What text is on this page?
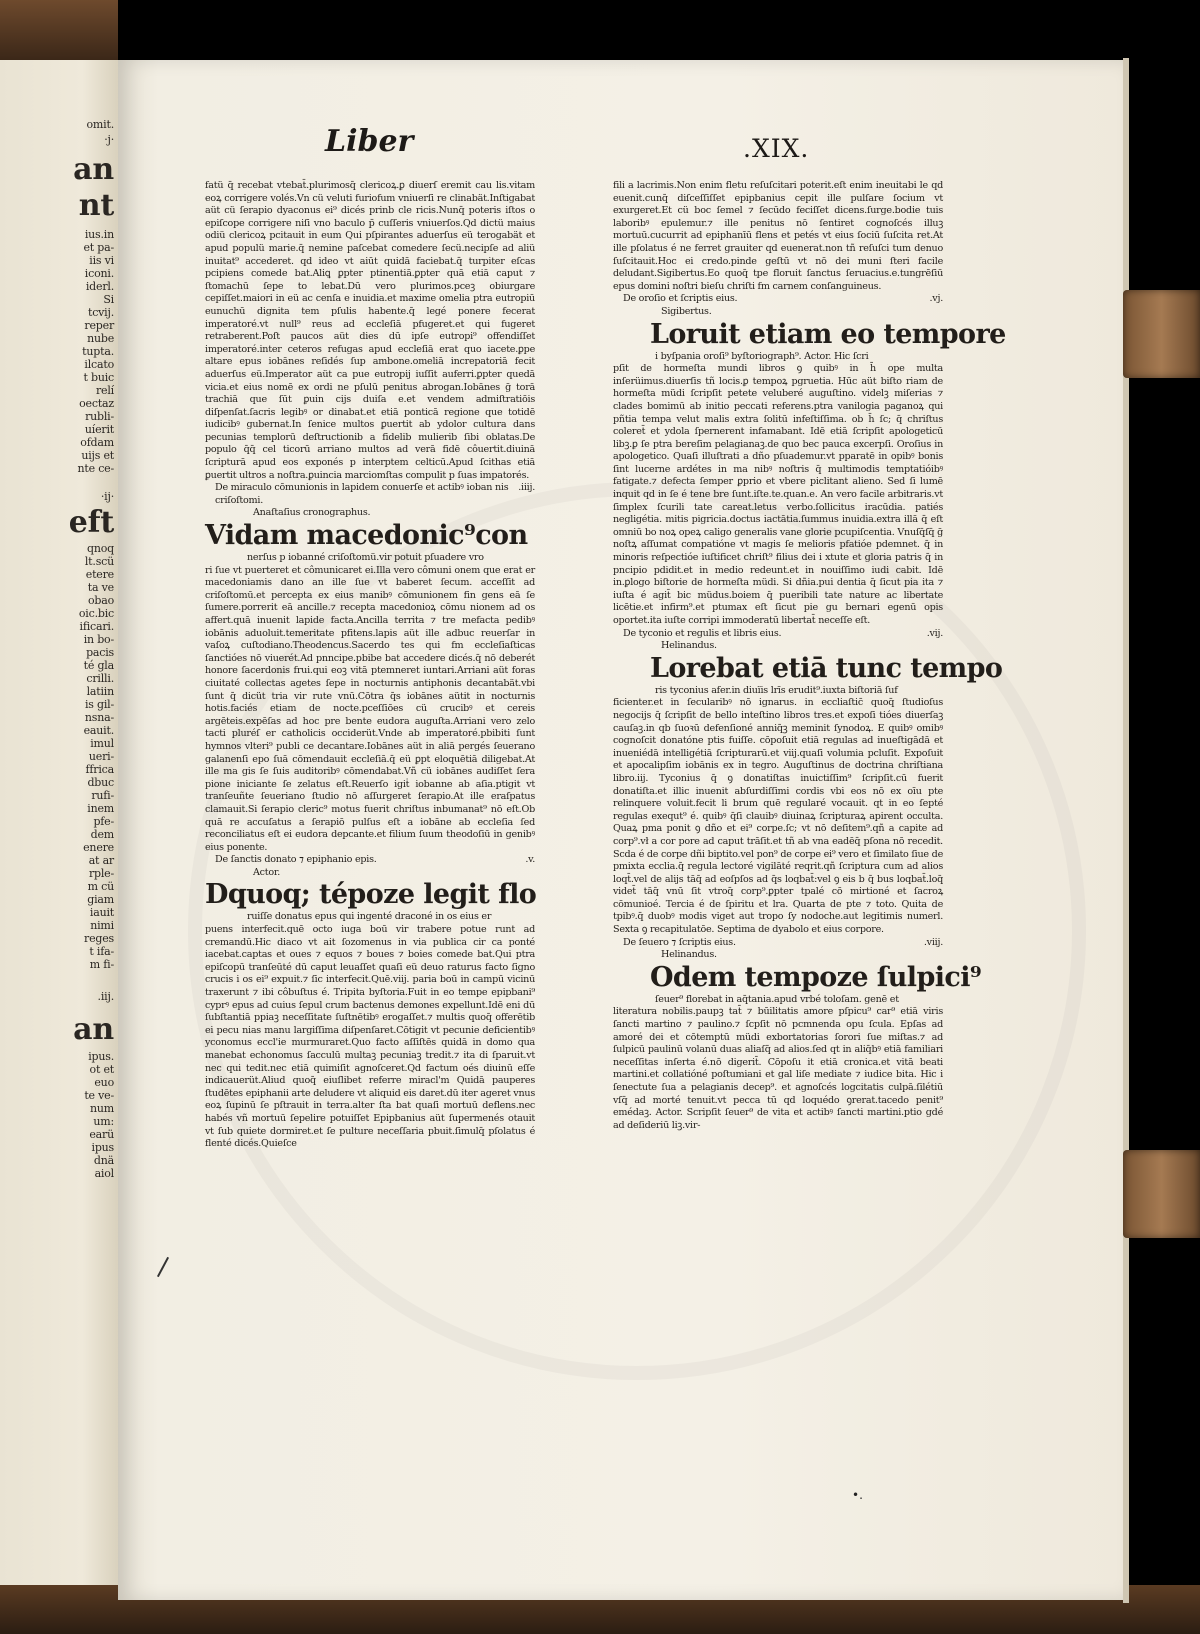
omit.
·j·
an
nt
ius.in
et pa-
iis vi
iconi.
iderl.
Si
tcvij.
reper
nube
tupta.
ilcato
t buic
relí
oectaz
rubli-
uíerit
ofdam
uijs et
nte ce-
·ij·
eft
qnoq
lt.scü
etere
ta ve
obao
oic.bic
ificari.
in bo-
pacis
té gla
crilli.
latiin
is gil-
nsna-
eauit.
imul
ueri-
ffrica
dbuc
rufi-
inem
pfe-
dem
enere
at ar
rple-
m cü
giam
iauit
nimi
reges
t ifa-
m fi-
.iij.
an
ipus.
ot et
euo
te ve-
num
um:
earü
ipus
dnä
aiol
Liber	.XIX.

fatü q̄ recebat vtebat̄.plurimosq̄ clericoꝝ.ꝑ diuerſ eremit cau lis.vitam eoꝝ corrigere volés.Vn cü veluti furiofum vniuerſi re clinabät.Inſtigabat aüt cü ſerapio dyaconus ei⁹ dicés prinb cle ricis.Nunq̄ poteris iſtos o epiſcope corrigere niſi vno baculo p̄ cuſſeris vniuerſos.Qd dictü maius odiü clericoꝝ pcitauit in eum Qui pſpirantes aduerſus eü terogabät et apud populü marie.q̄ nemine paſcebat comedere ſecü.necipſe ad aliü inuitat⁹ accederet. qd ideo vt aiūt quidā faciebat.q̄ turpiter eſcas pcipiens comede bat.Aliꝗ ꝑpter ptinentiā.ꝑpter quā etiā caput ⁊ ſtomachū ſepe to lebat.Dū vero plurimos.pceꝫ obiurgare cepiſſet.maiori in eü ac cenſa e inuidia.et maxime omelia ptra eutropiū eunuchū dignita tem pſulis habente.q̄ legé ponere fecerat imperatoré.vt null⁹ reus ad eccleſiā pfugeret.et qui fugeret retraberent.Poſt paucos aüt dies dū ipſe eutropi⁹ offendiſſet imperatoré.inter ceteros refugas apud eccleſiā erat quo iacete.ꝑpe altare epus iobānes reſidés ſup ambone.omeliā increpatoriā fecit aduerſus eü.Imperator aüt ca pue eutropij iuſſit auferri.ꝑpter quedā vicia.et eius nomē ex ordi ne pſulū penitus abrogan.Iobānes ḡ torā trachiā que ſūt ꝑuin cijs duiſa e.et vendem admiſtratiōis diſpenſat.ſacris legibꝰ or dinabat.et etiā ponticā regione que totidē iudicibꝰ gubernat.In ſenice multos ꝑuertit ab ydolor cultura dans pecunias templorū deſtructionib a fidelib mulierib ſibi oblatas.De populo q̄q̄ cel ticorū arriano multos ad verā fidē côuertit.diuinā ſcripturā apud eos exponés p interptem celticū.Apud ſcithas etiā ꝑuertit ultros a noſtra.ꝑuincia marciomſtas compulit p ſuas impatorés.

De miraculo cōmunionis in lapidem conuerſe et actibꝰ ioban nis criſoſtomi.
.iiij.

Anaſtaſius cronographus.

Vidam macedonic⁹con

nerſus p iobanné criſoſtomü.vir potuit pſuadere vro

ri ſue vt puerteret et cômunicaret ei.Illa vero cômuni onem que erat er macedoniamis dano an ille ſue vt baberet ſecum. acceſſit ad criſoſtomū.et percepta ex eius manibꝰ cōmunionem fin gens eā ſe ſumere.porrerit eā ancille.⁊ recepta macedonioꝝ cōmu nionem ad os affert.quā inuenit lapide facta.Ancilla territa ⁊ tre mefacta pedibꝰ iobānis aduoluit.temeritate pfitens.lapis aüt ille adbuc reuerſar in vaſoꝝ cuſtodiano.Theodencus.Sacerdo tes qui fm eccleſiaſticas ſanctióes nō viuerét.Ad pnncipe.pbibe bat accedere dicés.q̄ nō deberét honore ſacerdonis frui.qui eoꝫ vitā ptemneret iuntari.Arriani aüt foras ciuitaté collectas agetes ſepe in nocturnis antiphonis decantabät.vbi ſunt q̄ dicüt tria vir rute vnū.Cōtra q̄s iobānes aütit in nocturnis hotis.faciés etiam de nocte.pceſſiōes cü crucibꝰ et cereis argēteis.expēſas ad hoc pre bente eudora auguſta.Arriani vero zelo tacti pluréſ er catholicis occiderüt.Vnde ab imperatoré.pbibiti ſunt hymnos vlteri⁹ publi ce decantare.Iobānes aüt in aliā pergés ſeuerano galanenſi epo ſuā cōmendauit eccleſiā.q̄ eü ꝑpt eloquētiā diligebat.At ille ma gis ſe ſuis auditoribꝰ cōmendabat.Vñ cü iobānes audiſſet ſera pione iniciante ſe zelatus eſt.Reuerſo igiṫ iobanne ab aſia.ptigit vt tranſeuñte ſeueriano ſtudio nō aſſurgeret ſerapio.At ille eraſpatus clamauit.Si ſerapio cleric⁹ motus fuerit chriſtus inbumanat⁹ nō eſt.Ob quā re accuſatus a ſerapiō pulſus eſt a iobāne ab eccleſia ſed reconciliatus eſt ei eudora depcante.et filium ſuum theodoſiū in genibꝰ eius ponente.

De ſanctis donato ⁊ epiphanio epis.	.v.

Actor.

Dquoq; tépoze legit flo

ruiſſe donatus epus qui ingenté draconé in os eius er

puens interfecit.quē octo iuga boū vir trabere potue runt ad cremandū.Hic diaco vt ait ſozomenus in via publica cir ca ponté iacebat.captas et oues ⁊ equos ⁊ boues ⁊ boies comede bat.Qui ptra epiſcopū tranſeūté dū caput leuaſſet quaſi eü deuo raturus facto ſigno crucis i os ei⁹ expuit.⁊ ſic interfecit.Quē.viij. paria boū in campū vicinū traxerunt ⁊ ibi côbuſtus é. Tripita byſtoria.Fuit in eo tempe epipbani⁹ cyprꝰ epus ad cuius ſepul crum bactenus demones expellunt.Idē eni dū ſubſtantiā ppiaꝫ neceſſitate ſuſtnētibꝰ erogaſſet.⁊ multis quoq̄ offerētib ei pecu nias manu largiſſima diſpenſaret.Cōtigit vt pecunie deficientibꝰ yconomus eccl'ie murmuraret.Quo facto aſſiſtēs quidā in domo qua manebat echonomus ſacculū multaꝫ pecuniaꝫ tredit.⁊ ita di ſparuit.vt nec qui tedit.nec etiā quimiſit agnoſceret.Qd factum oés diuinū eſſe indicauerüt.Aliud quoq̄ eiuſlibet referre miracl'm Quidā pauperes ſtudētes epiphanii arte deludere vt aliquid eis daret.dū iter ageret vnus eoꝝ ſupinū ſe pſtrauit in terra.alter ſta bat quaſi mortuū deflens.nec habés vñ mortuū ſepelire potuiſſet Epipbanius aüt ſupermenés otauit vt ſub quiete dormiret.et ſe pulture neceſſaria pbuit.ſimulq̄ pſolatus é flenté dicés.Quieſce

fili a lacrimis.Non enim fletu reſuſcitari poterit.eſt enim ineuitabi le qd euenit.cunq̄ diſceſſiſſet epipbanius cepit ille pulſare ſocium vt exurgeret.Et cü boc ſemel ⁊ ſecūdo feciſſet dicens.ſurge.bodie tuis laboribꝰ epulemur.⁊ ille penitus nō ſentiret cognoſcés illuꝫ mortuū.cucurrit ad epiphanīū flens et petés vt eius ſociū ſuſcita ret.At ille pſolatus é ne ferret grauiter qd euenerat.non tñ reſuſci tum denuo ſuſcitauit.Hoc ei credo.pinde geſtū vt nō dei muni ſteri facile deludant.Sigibertus.Eo quoq̄ tpe floruit ſanctus ſeruacius.e.tungrēſiū epus domini noſtri bieſu chriſti fm carnem conſanguineus.

De oroſio et ſcriptis eius.	.vj.

Sigibertus.

Loruit etiam eo tempore

i byſpania oroſi⁹ byſtoriograph⁹. Actor. Hic ſcri

pſit de hormeſta mundi libros ꝯ quibꝰ in h̄ ope multa inſerüimus.diuerſis tñ locis.ꝑ tempoꝝ pgruetia. Hūc aüt biſto riam de hormeſta müdi ſcripſit petete veluberé auguſtino. videlꝫ miſerias ⁊ clades bomimū ab initio peccati referens.ptra vanilogia paganoꝝ qui pñtia tempa velut malis extra ſolitū infeſtiſſima. ob h̄ ſc; q̄ chriſtus coleret̄ et ydola ſpernerent infamabant. Idē etiā ſcripſit apologeticū libꝫ.ꝑ ſe ptra bereſim pelagianaꝫ.de quo bec pauca excerpſi. Oroſius in apologetico. Quaſi illuſtrati a dño pſuademur.vt pparatē in opibꝰ bonis ſint lucerne ardétes in ma nibꝰ noſtris q̄ multimodis temptatióibꝰ fatigate.⁊ defecta ſemper ꝑprio et vbere piclitant alieno. Sed ſi lumē inquit qd in ſe é tene bre ſunt.iſte.te.quan.e. An vero facile arbitraris.vt ſimplex ſcurili tate careat.letus verbo.ſollicitus iracūdia. patiés negligétia. mitis pigricia.doctus iactātia.ſummus inuidia.extra illā q̄ eſt omniū bo noꝝ opeꝝ caligo generalis vane glorie pcupiſcentia. Vnuſq̄ſq̄ ḡ noſtꝝ aſſumat compatióne vt magis ſe melioris pfatióe pdemnet. q̄ in minoris reſpectióe iuſtificet chriſt⁹ filius dei i xtute et gloria patris q̄ in pncipio pdidit.et in medio redeunt.et in nouiſſimo iudi cabit. Idē in.ꝑlogo biſtorie de hormeſta müdi. Si dñia.pui dentia q̄ ſicut pia ita ⁊ iuſta é agit̄ bic müdus.boiem q̄ pueribili tate nature ac libertate licētie.et infirm⁹.et ptumax eſt ſicut pie gu bernari egenū opis oportet.ita iuſte corripi immoderatū libertat̄ neceſſe eſt.

De tyconio et regulis et libris eius.	.vij.

Helinandus.

Lorebat etiā tunc tempo

ris tyconius afer.in diuïis lrīs erudit⁹.iuxta biſtoriā ſuf

ficienter.et in ſecularibꝰ nō ignarus. in eccliaſtic̄ quoq̄ ſtudioſus negocijs q̄ ſcripſit de bello inteſtino libros tres.et expoſi tióes diuerſaꝫ cauſaꝫ.in qb ſuoꝛū defenſioné anniq̄ꝫ meminit ſynodoꝝ. E quibꝰ omibꝰ cognoſcit donatóne ptis fuiſſe. cōpoſuit etiā regulas ad inueſtigādā et inueniédā intelligétiā ſcripturarū.et viij.quaſi volumia pcluſit. Expoſuit et apocalipſim iobānis ex in tegro. Auguſtinus de doctrina chriſtiana libro.iij. Tyconius q̄ ꝯ donatiſtas inuictiſſim⁹ ſcripſit.cū fuerit donatiſta.et illic inuenit abſurdiſſimi cordis vbi eos nō ex oīu pte relinquere voluit.fecit li brum quē regularé vocauit. qt in eo ſepté regulas exequt⁹ é. quibꝰ q̄ſi clauibꝰ diuinaꝝ ſcripturaꝝ apirent occulta. Quaꝝ pma ponit ꝯ dño et ei⁹ corpe.ſc; vt nō deſitem⁹.qñ a capite ad corp⁹.vł a cor pore ad caput trāſit.et tñ ab vna eadēq̄ pſona nō recedit. Scda é de corpe dñi biptito.vel pon⁹ de corpe ei⁹ vero et ſimilato ſiue de pmixta ecclia.q̄ regula lectoré vigilāté reqrit.qñ ſcriptura cum ad alios loqt̄.vel de alijs tāq̄ ad eoſpſos ad q̄s loqbat̄:vel ꝯ eis b q̄ bus loqbat̄.loq̄ videt̄ tāq̄ vnū ſit vtroq̄ corp⁹.ꝑpter tpalé cō mirtioné et ſacroꝝ cōmunioé. Tercia é de ſpiritu et lra. Quarta de pte ⁊ toto. Quita de tpibꝰ.q̄ duobꝰ modis viget aut tropo ſy nodoche.aut legitimis numerl. Sexta ꝯ recapitulatōe. Septima de dyabolo et eius corpore.

De ſeuero ⁊ ſcriptis eius.	.viij.

Helinandus.

Odem tempoze ſulpici⁹

ſeuer⁹ florebat in aq̄tania.apud vrbé toloſam. genē et

literatura nobilis.paupꝫ tat̄ ⁊ būilitatis amore pſpicu⁹ car⁹ etiā viris ſancti martino ⁊ paulino.⁊ ſcpſit nō pcmnenda opu ſcula. Epſas ad amoré dei et cōtemptū müdi exbortatorias ſorori ſue miſtas.⁊ ad ſulpicū paulinū volanū duas aliaſq̄ ad alios.ſed qt in aliq̄bꝰ etiā familiari neceſſitas inſerta é.nō digerit̄. Cōpoſu it etiā cronica.et vitā beati martini.et collatióné poſtumiani et gal liſe mediate ⁊ iudice bita. Hic i ſenectute ſua a pelagianis decep⁹. et agnoſcés logcitatis culpā.ſilétiū vſq̄ ad morté tenuit.vt pecca tū qd loquédo ꝯrerat.tacedo penit⁹ emédaꝫ. Actor. Scripſit ſeuer⁹ de vita et actibꝰ ſancti martini.ptio gdé ad deſideriū liꝫ.vir-

•.
